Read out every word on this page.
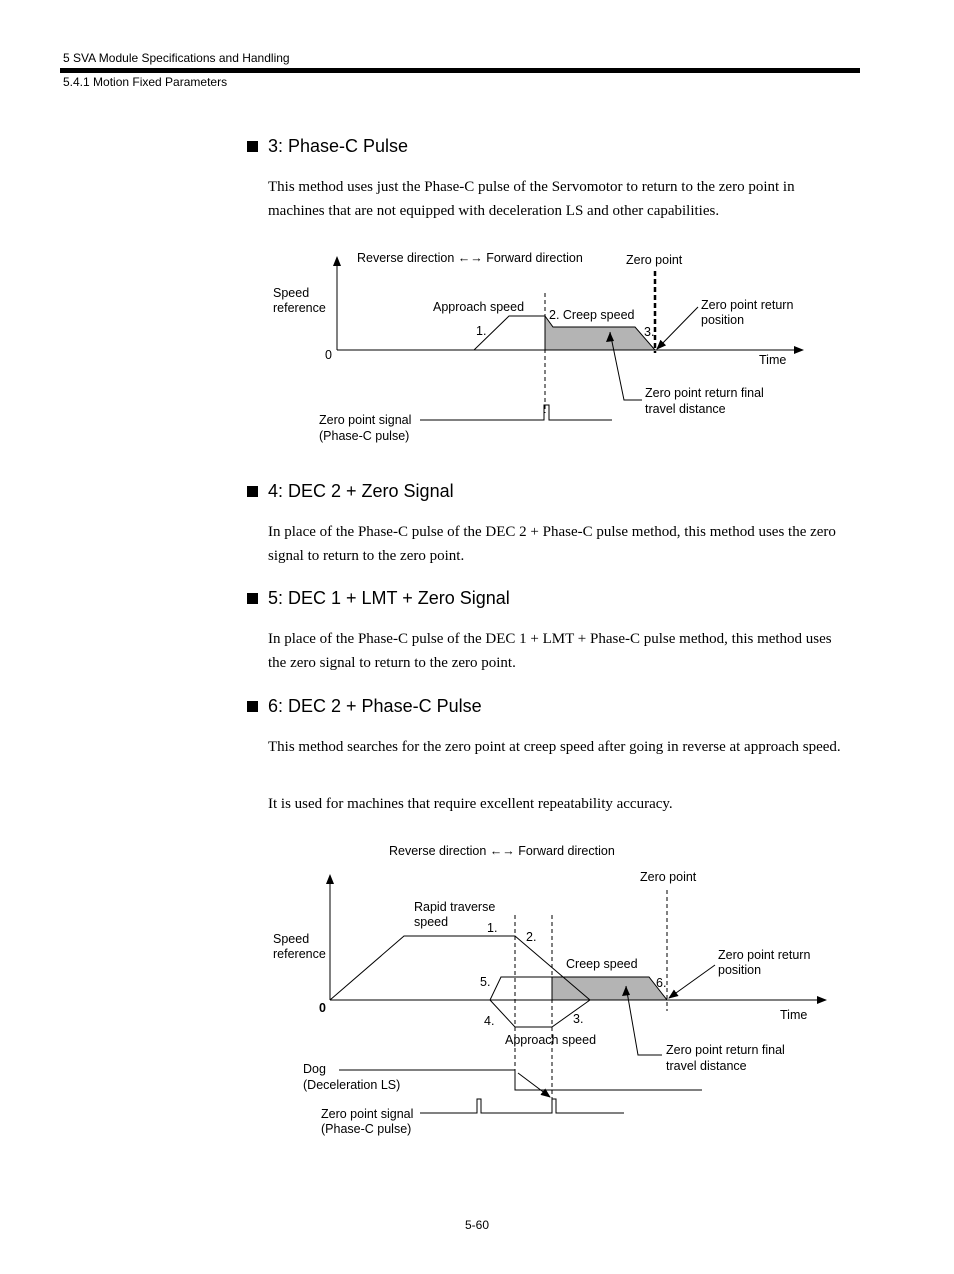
5 SVA Module Specifications and Handling
5.4.1 Motion Fixed Parameters
3: Phase-C Pulse

This method uses just the Phase-C pulse of the Servomotor to return to the zero point in machines that are not equipped with deceleration LS and other capabilities.

Reverse direction ←→ Forward direction	Zero point
Speed
reference
0
Approach speed
1.
2. Creep speed
3.
Zero point return
position
Time
Zero point return final
travel distance
Zero point signal
(Phase-C pulse)
4: DEC 2 + Zero Signal

In place of the Phase-C pulse of the DEC 2 + Phase-C pulse method, this method uses the zero signal to return to the zero point.

5: DEC 1 + LMT + Zero Signal

In place of the Phase-C pulse of the DEC 1 + LMT + Phase-C pulse method, this method uses the zero signal to return to the zero point.

6: DEC 2 + Phase-C Pulse

This method searches for the zero point at creep speed after going in reverse at approach speed.

It is used for machines that require excellent repeatability accuracy.

Reverse direction ←→ Forward direction
Zero point
Rapid traverse
speed	1.
2.
Speed
reference
Creep speed
Zero point return
position
5.	6.
0	Time
4.	3.
Approach speed
Zero point return final
travel distance
Dog
(Deceleration LS)
Zero point signal
(Phase-C pulse)
5-60
